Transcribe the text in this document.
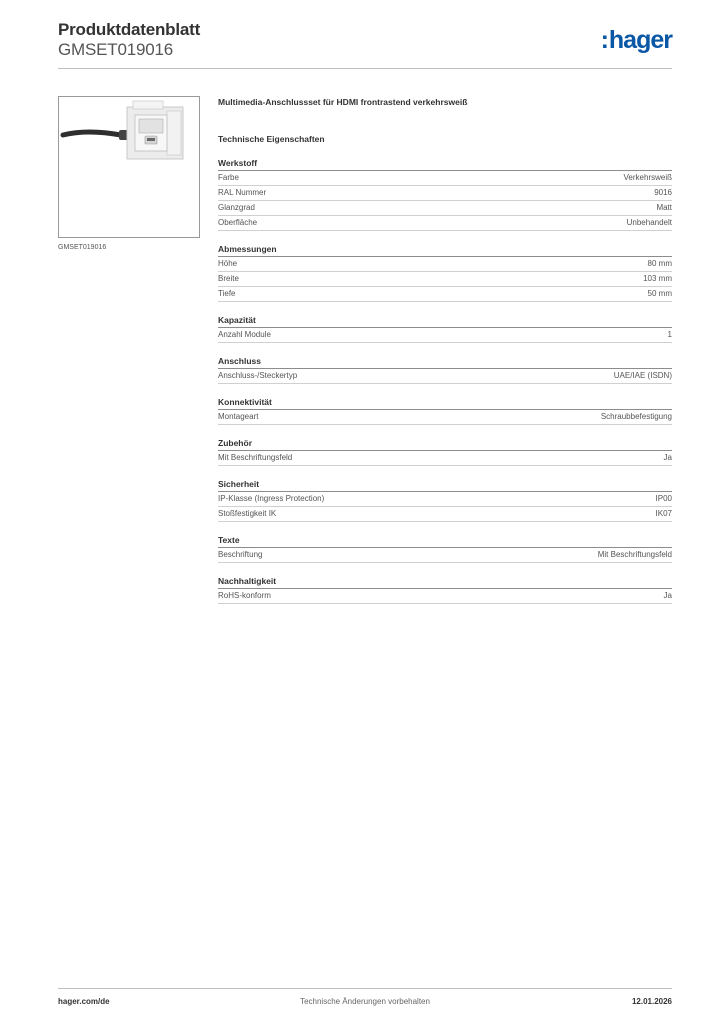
Produktdatenblatt
GMSET019016	:hager
GMSET019016
Multimedia-Anschlussset für HDMI frontrastend verkehrsweiß
Technische Eigenschaften
Werkstoff
Farbe	Verkehrsweiß
RAL Nummer	9016
Glanzgrad	Matt
Oberfläche	Unbehandelt
Abmessungen
Höhe	80 mm
Breite	103 mm
Tiefe	50 mm
Kapazität
Anzahl Module	1
Anschluss
Anschluss-/Steckertyp	UAE/IAE (ISDN)
Konnektivität
Montageart	Schraubbefestigung
Zubehör
Mit Beschriftungsfeld	Ja
Sicherheit
IP-Klasse (Ingress Protection)	IP00
Stoßfestigkeit IK	IK07
Texte
Beschriftung	Mit Beschriftungsfeld
Nachhaltigkeit
RoHS-konform	Ja
hager.com/de	Technische Änderungen vorbehalten	12.01.2026
